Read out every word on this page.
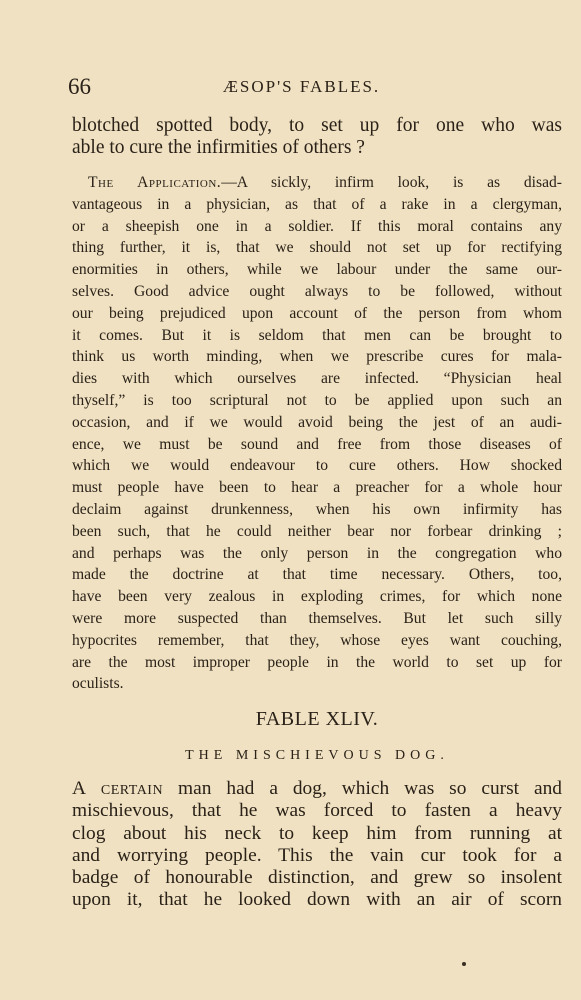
66	ÆSOP'S FABLES.
blotched spotted body, to set up for one who was
able to cure the infirmities of others ?
The Application.—A sickly, infirm look, is as disad-
vantageous in a physician, as that of a rake in a clergyman,
or a sheepish one in a soldier. If this moral contains any
thing further, it is, that we should not set up for rectifying
enormities in others, while we labour under the same our-
selves. Good advice ought always to be followed, without
our being prejudiced upon account of the person from whom
it comes. But it is seldom that men can be brought to
think us worth minding, when we prescribe cures for mala-
dies with which ourselves are infected. “Physician heal
thyself,” is too scriptural not to be applied upon such an
occasion, and if we would avoid being the jest of an audi-
ence, we must be sound and free from those diseases of
which we would endeavour to cure others. How shocked
must people have been to hear a preacher for a whole hour
declaim against drunkenness, when his own infirmity has
been such, that he could neither bear nor forbear drinking ;
and perhaps was the only person in the congregation who
made the doctrine at that time necessary. Others, too,
have been very zealous in exploding crimes, for which none
were more suspected than themselves. But let such silly
hypocrites remember, that they, whose eyes want couching,
are the most improper people in the world to set up for
oculists.
FABLE XLIV.
THE MISCHIEVOUS DOG.
A certain man had a dog, which was so curst and
mischievous, that he was forced to fasten a heavy
clog about his neck to keep him from running at
and worrying people. This the vain cur took for a
badge of honourable distinction, and grew so insolent
upon it, that he looked down with an air of scorn
